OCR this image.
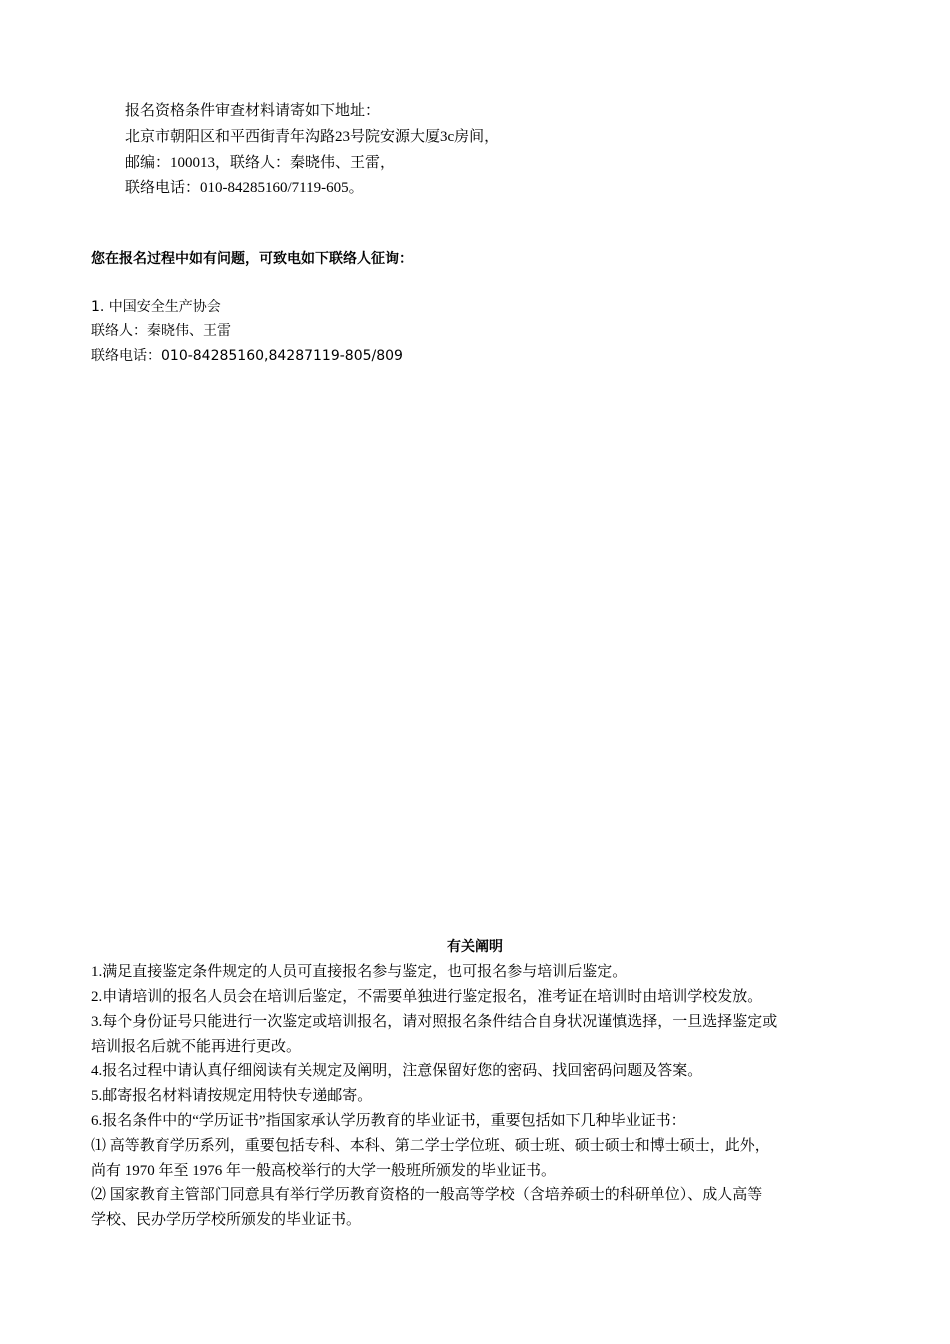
报名资格条件审查材料请寄如下地址：
北京市朝阳区和平西街青年沟路23号院安源大厦3c房间，
邮编：100013，联络人：秦晓伟、王雷，
联络电话：010-84285160/7119-605。
您在报名过程中如有问题，可致电如下联络人征询：
1. 中国安全生产协会
联络人：秦晓伟、王雷
联络电话：010-84285160,84287119-805/809
有关阐明
1.满足直接鉴定条件规定的人员可直接报名参与鉴定，也可报名参与培训后鉴定。
2.申请培训的报名人员会在培训后鉴定，不需要单独进行鉴定报名，准考证在培训时由培训学校发放。
3.每个身份证号只能进行一次鉴定或培训报名，请对照报名条件结合自身状况谨慎选择，一旦选择鉴定或
培训报名后就不能再进行更改。
4.报名过程中请认真仔细阅读有关规定及阐明，注意保留好您的密码、找回密码问题及答案。
5.邮寄报名材料请按规定用特快专递邮寄。
6.报名条件中的“学历证书”指国家承认学历教育的毕业证书，重要包括如下几种毕业证书：
⑴ 高等教育学历系列，重要包括专科、本科、第二学士学位班、硕士班、硕士硕士和博士硕士，此外，
尚有 1970 年至 1976 年一般高校举行的大学一般班所颁发的毕业证书。
⑵ 国家教育主管部门同意具有举行学历教育资格的一般高等学校（含培养硕士的科研单位）、成人高等
学校、民办学历学校所颁发的毕业证书。
